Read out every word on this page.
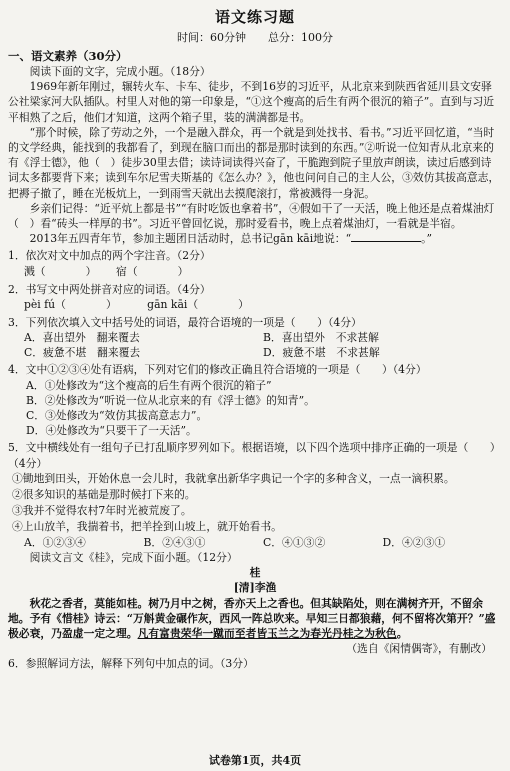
语文练习题
时间：60分钟　　总分：100分
一、语文素养（30分）

阅读下面的文字，完成小题。（18分）

1969年新年刚过，辗转火车、卡车、徒步，不到16岁的习近平，从北京来到陕西省延川县文安驿公社梁家河大队插队。村里人对他的第一印象是，“①这个瘦高的后生有两个很沉的箱子”。直到与习近平相熟了之后，他们才知道，这两个箱子里，装的满满都是书。

“那个时候，除了劳动之外，一个是融入群众，再一个就是到处找书、看书。”习近平回忆道，“当时的文学经典，能找到的我都看了，到现在脑口而出的都是那时读到的东西。”②听说一位知青从北京来的有《浮士德》，他（　）徒步30里去借；读诗词读得兴奋了，干脆跑到院子里放声朗读，读过后感到诗词太多都要背下来；读到车尔尼雪夫斯基的《怎么办？》，他也问问自己的主人公，③效仿其拔高意志，把褥子撤了，睡在光板炕上，一到雨雪天就出去摸爬滚打，常被溅得一身泥。

乡亲们记得：“近平炕上都是书”“有时吃饭也拿着书”，④假如干了一天活，晚上他还是点着煤油灯（　）看“砖头一样厚的书”。习近平曾回忆说，那时爱看书，晚上点着煤油灯，一看就是半宿。

2013年五四青年节，参加主题团日活动时，总书记gān kāi地说：“	。”

1．依次对文中加点的两个字注音。（2分）
溅（	）　　 宿（	）
2．书写文中两处拼音对应的词语。（4分）
pèi fú（	）　　　 gān kāi（	）
3．下列依次填入文中括号处的词语，最符合语境的一项是（　　）（4分）
A．喜出望外　翻来覆去	B．喜出望外　不求甚解
C．疲惫不堪　翻来覆去	D．疲惫不堪　不求甚解
4．文中①②③④处有语病，下列对它们的修改正确且符合语境的一项是（　　）（4分）
A．①处修改为“这个瘦高的后生有两个很沉的箱子”
B．②处修改为“听说一位从北京来的有《浮士德》的知青”。
C．③处修改为“效仿其拔高意志力”。
D．④处修改为“只要干了一天活”。
5．文中横线处有一组句子已打乱顺序罗列如下。根据语境，以下四个选项中排序正确的一项是（　　）（4分）
①锄地到田头，开始休息一会儿时，我就拿出新华字典记一个字的多种含义，一点一滴积累。
②很多知识的基础是那时候打下来的。
③我并不觉得农村7年时光被荒废了。
④上山放羊，我揣着书，把羊拴到山坡上，就开始看书。
A．①②③④	B．②④③①	C．④①③②	D．④②③①

阅读文言文《桂》，完成下面小题。（12分）

桂
[清]李渔

秋花之香者，莫能如桂。树乃月中之树，香亦天上之香也。但其缺陷处，则在满树齐开，不留余地。予有《惜桂》诗云：“万斛黄金碾作灰，西风一阵总吹来。早知三日都狼藉，何不留将次第开？”盛极必衰，乃盈虚一定之理。凡有富贵荣华一蹴而至者皆玉兰之为春光丹桂之为秋色。

（选自《闲情偶寄》，有删改）
6．参照解词方法，解释下列句中加点的词。（3分）
试卷第1页，共4页
